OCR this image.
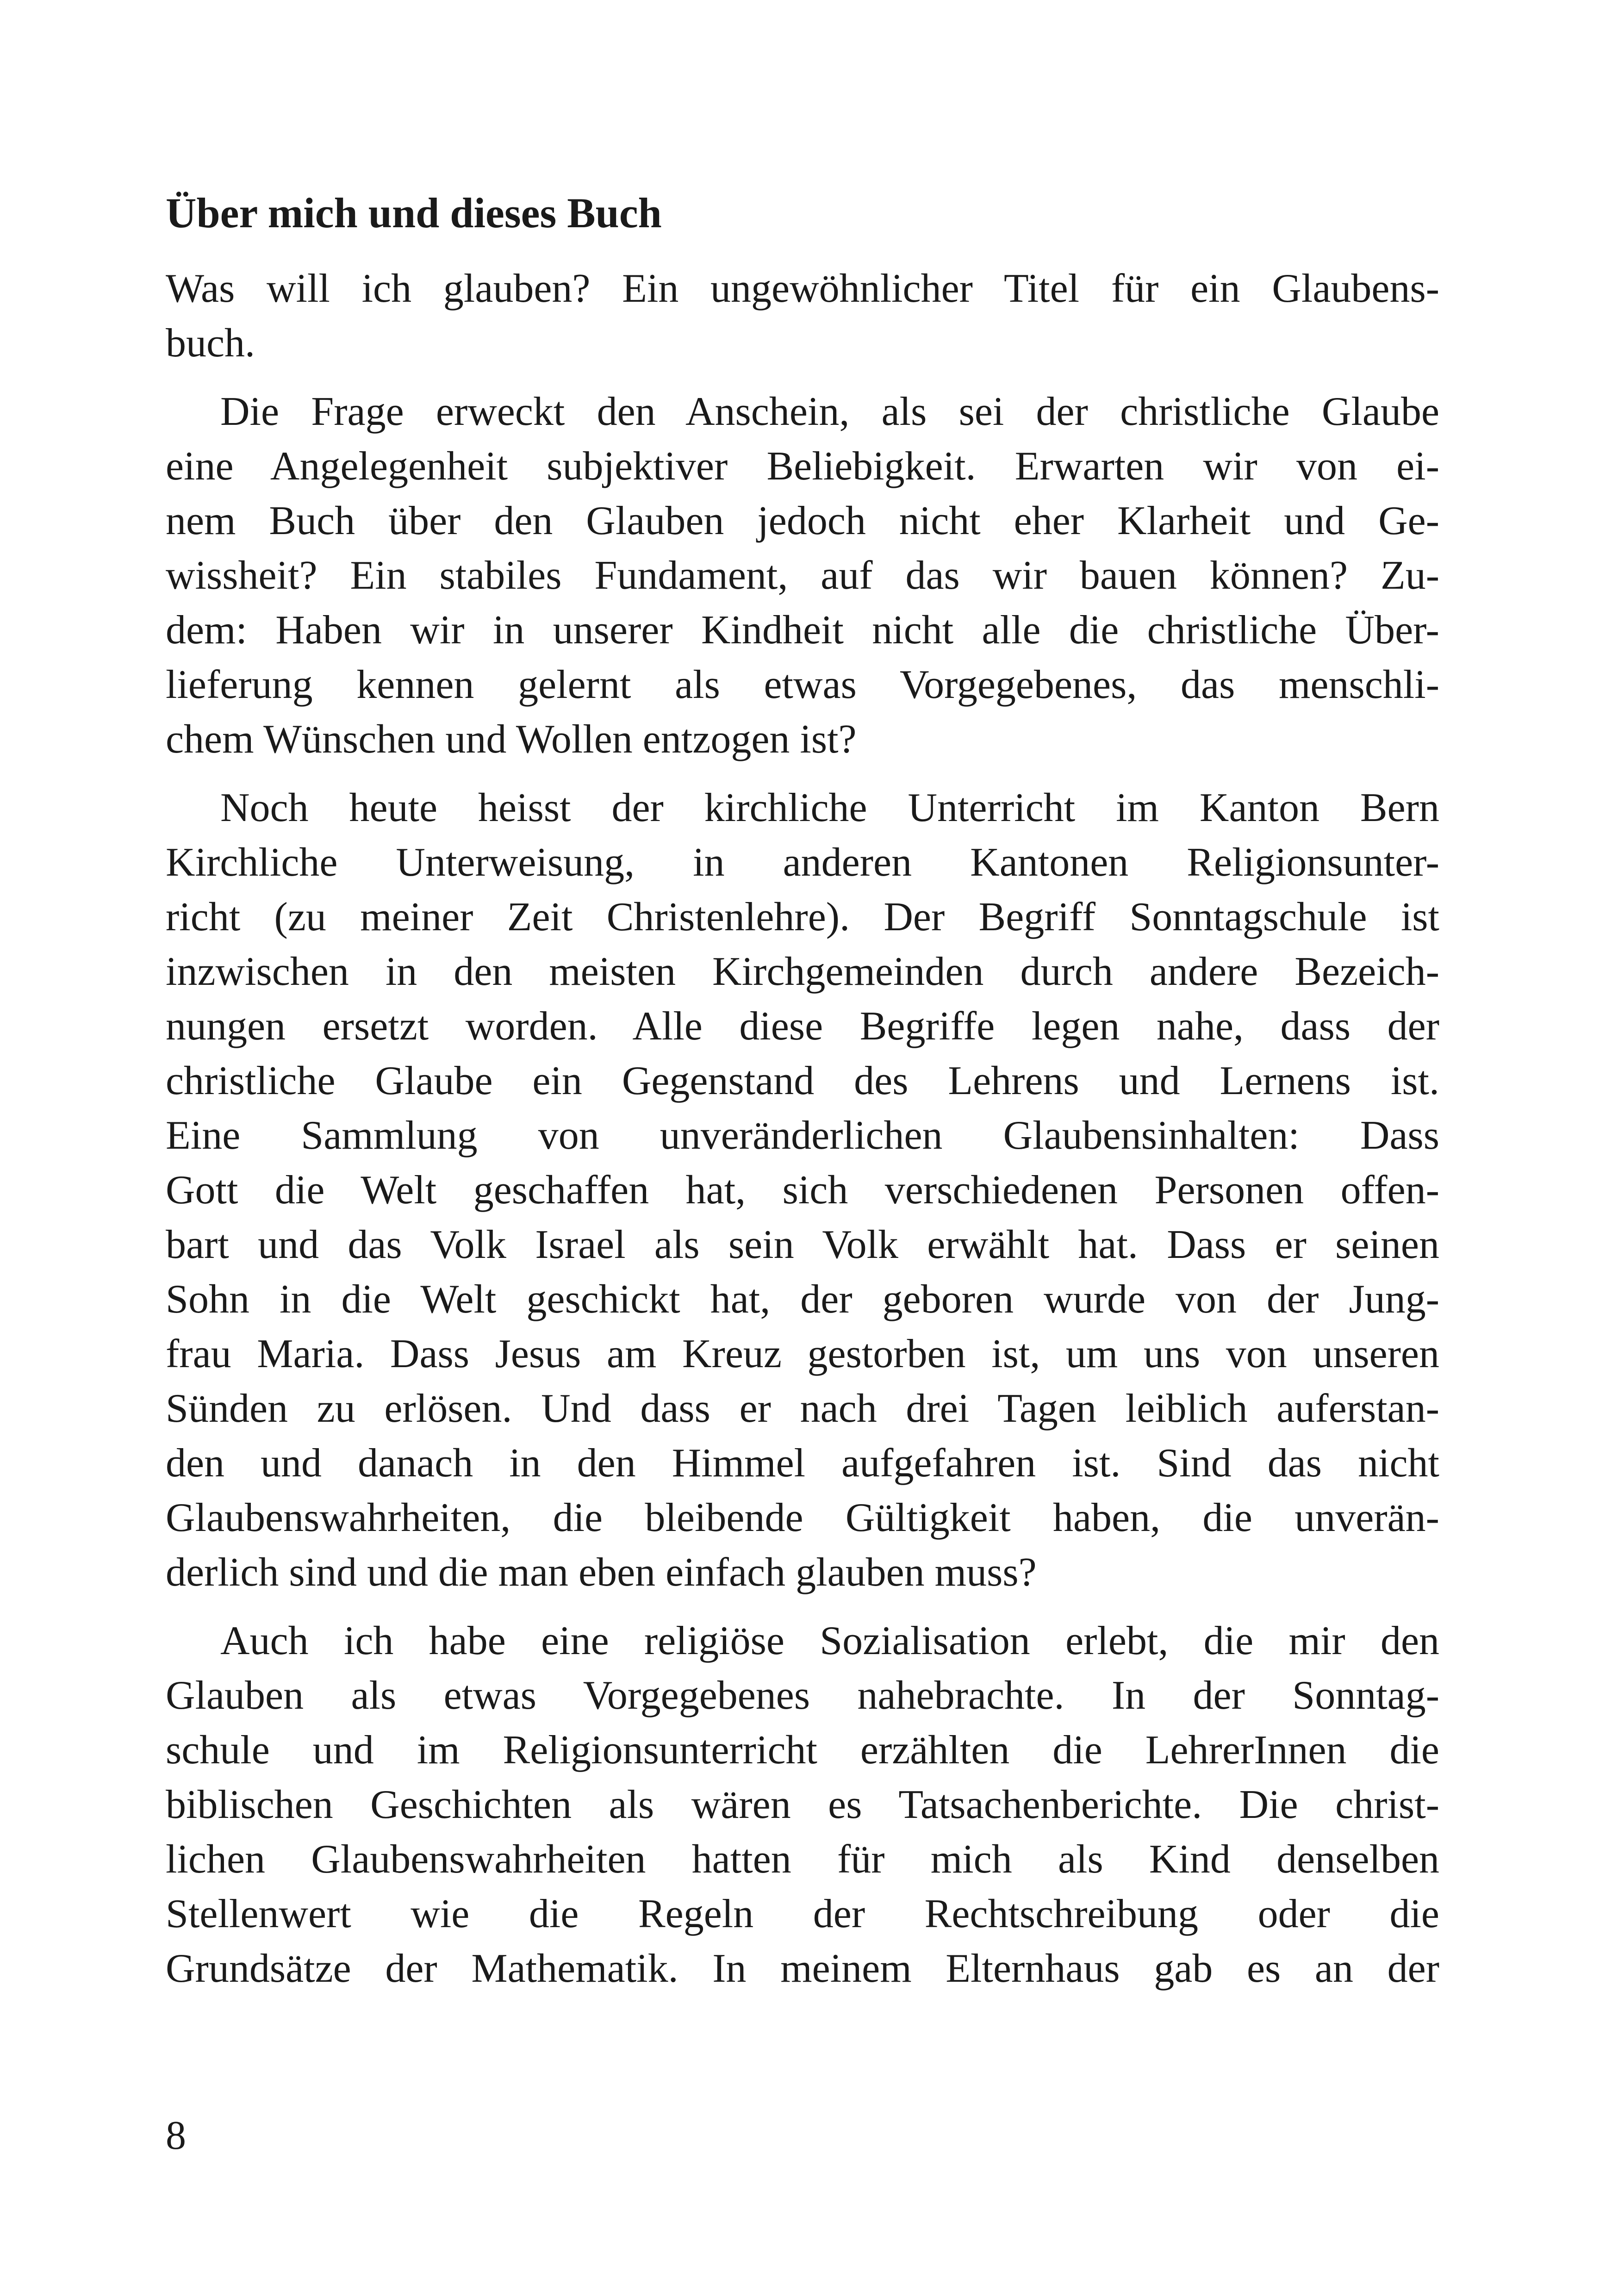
Über mich und dieses Buch
Was will ich glauben? Ein ungewöhnlicher Titel für ein Glaubens-
buch.
Die Frage erweckt den Anschein, als sei der christliche Glaube
eine Angelegenheit subjektiver Beliebigkeit. Erwarten wir von ei-
nem Buch über den Glauben jedoch nicht eher Klarheit und Ge-
wissheit? Ein stabiles Fundament, auf das wir bauen können? Zu-
dem: Haben wir in unserer Kindheit nicht alle die christliche Über-
lieferung kennen gelernt als etwas Vorgegebenes, das menschli-
chem Wünschen und Wollen entzogen ist?
Noch heute heisst der kirchliche Unterricht im Kanton Bern
Kirchliche Unterweisung, in anderen Kantonen Religionsunter-
richt (zu meiner Zeit Christenlehre). Der Begriff Sonntagschule ist
inzwischen in den meisten Kirchgemeinden durch andere Bezeich-
nungen ersetzt worden. Alle diese Begriffe legen nahe, dass der
christliche Glaube ein Gegenstand des Lehrens und Lernens ist.
Eine Sammlung von unveränderlichen Glaubensinhalten: Dass
Gott die Welt geschaffen hat, sich verschiedenen Personen offen-
bart und das Volk Israel als sein Volk erwählt hat. Dass er seinen
Sohn in die Welt geschickt hat, der geboren wurde von der Jung-
frau Maria. Dass Jesus am Kreuz gestorben ist, um uns von unseren
Sünden zu erlösen. Und dass er nach drei Tagen leiblich auferstan-
den und danach in den Himmel aufgefahren ist. Sind das nicht
Glaubenswahrheiten, die bleibende Gültigkeit haben, die unverän-
derlich sind und die man eben einfach glauben muss?
Auch ich habe eine religiöse Sozialisation erlebt, die mir den
Glauben als etwas Vorgegebenes nahebrachte. In der Sonntag-
schule und im Religionsunterricht erzählten die LehrerInnen die
biblischen Geschichten als wären es Tatsachenberichte. Die christ-
lichen Glaubenswahrheiten hatten für mich als Kind denselben
Stellenwert wie die Regeln der Rechtschreibung oder die
Grundsätze der Mathematik. In meinem Elternhaus gab es an der

8
